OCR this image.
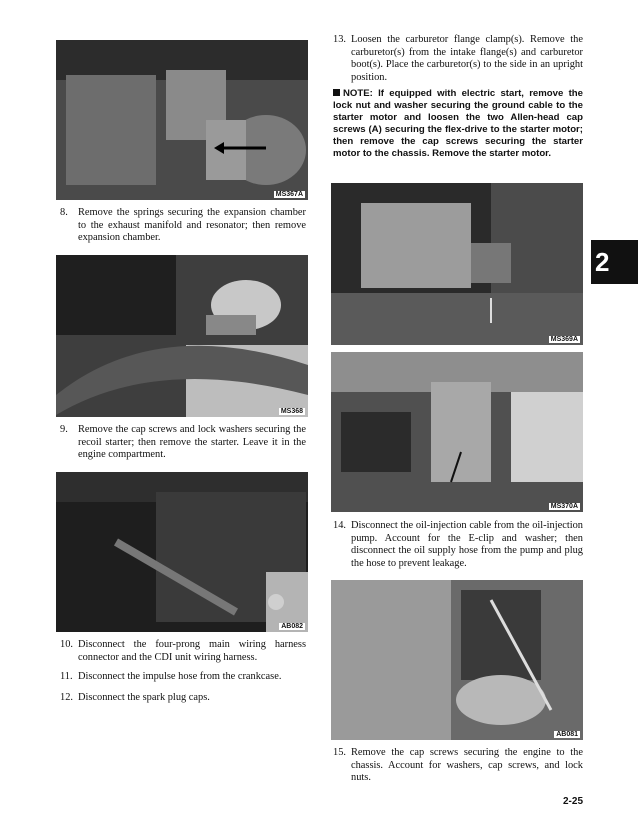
MS367A
8. Remove the springs securing the expansion chamber to the exhaust manifold and resonator; then remove expansion chamber.
MS368
9. Remove the cap screws and lock washers securing the recoil starter; then remove the starter. Leave it in the engine compartment.
AB082
10. Disconnect the four-prong main wiring harness connector and the CDI unit wiring harness.
11. Disconnect the impulse hose from the crankcase.
12. Disconnect the spark plug caps.
13. Loosen the carburetor flange clamp(s). Remove the carburetor(s) from the intake flange(s) and carburetor boot(s). Place the carburetor(s) to the side in an upright position.
NOTE: If equipped with electric start, remove the lock nut and washer securing the ground cable to the starter motor and loosen the two Allen-head cap screws (A) securing the flex-drive to the starter motor; then remove the cap screws securing the starter motor to the chassis. Remove the starter motor.
MS369A
MS370A
14. Disconnect the oil-injection cable from the oil-injection pump. Account for the E-clip and washer; then disconnect the oil supply hose from the pump and plug the hose to prevent leakage.
AB081
15. Remove the cap screws securing the engine to the chassis. Account for washers, cap screws, and lock nuts.
2
2-25
